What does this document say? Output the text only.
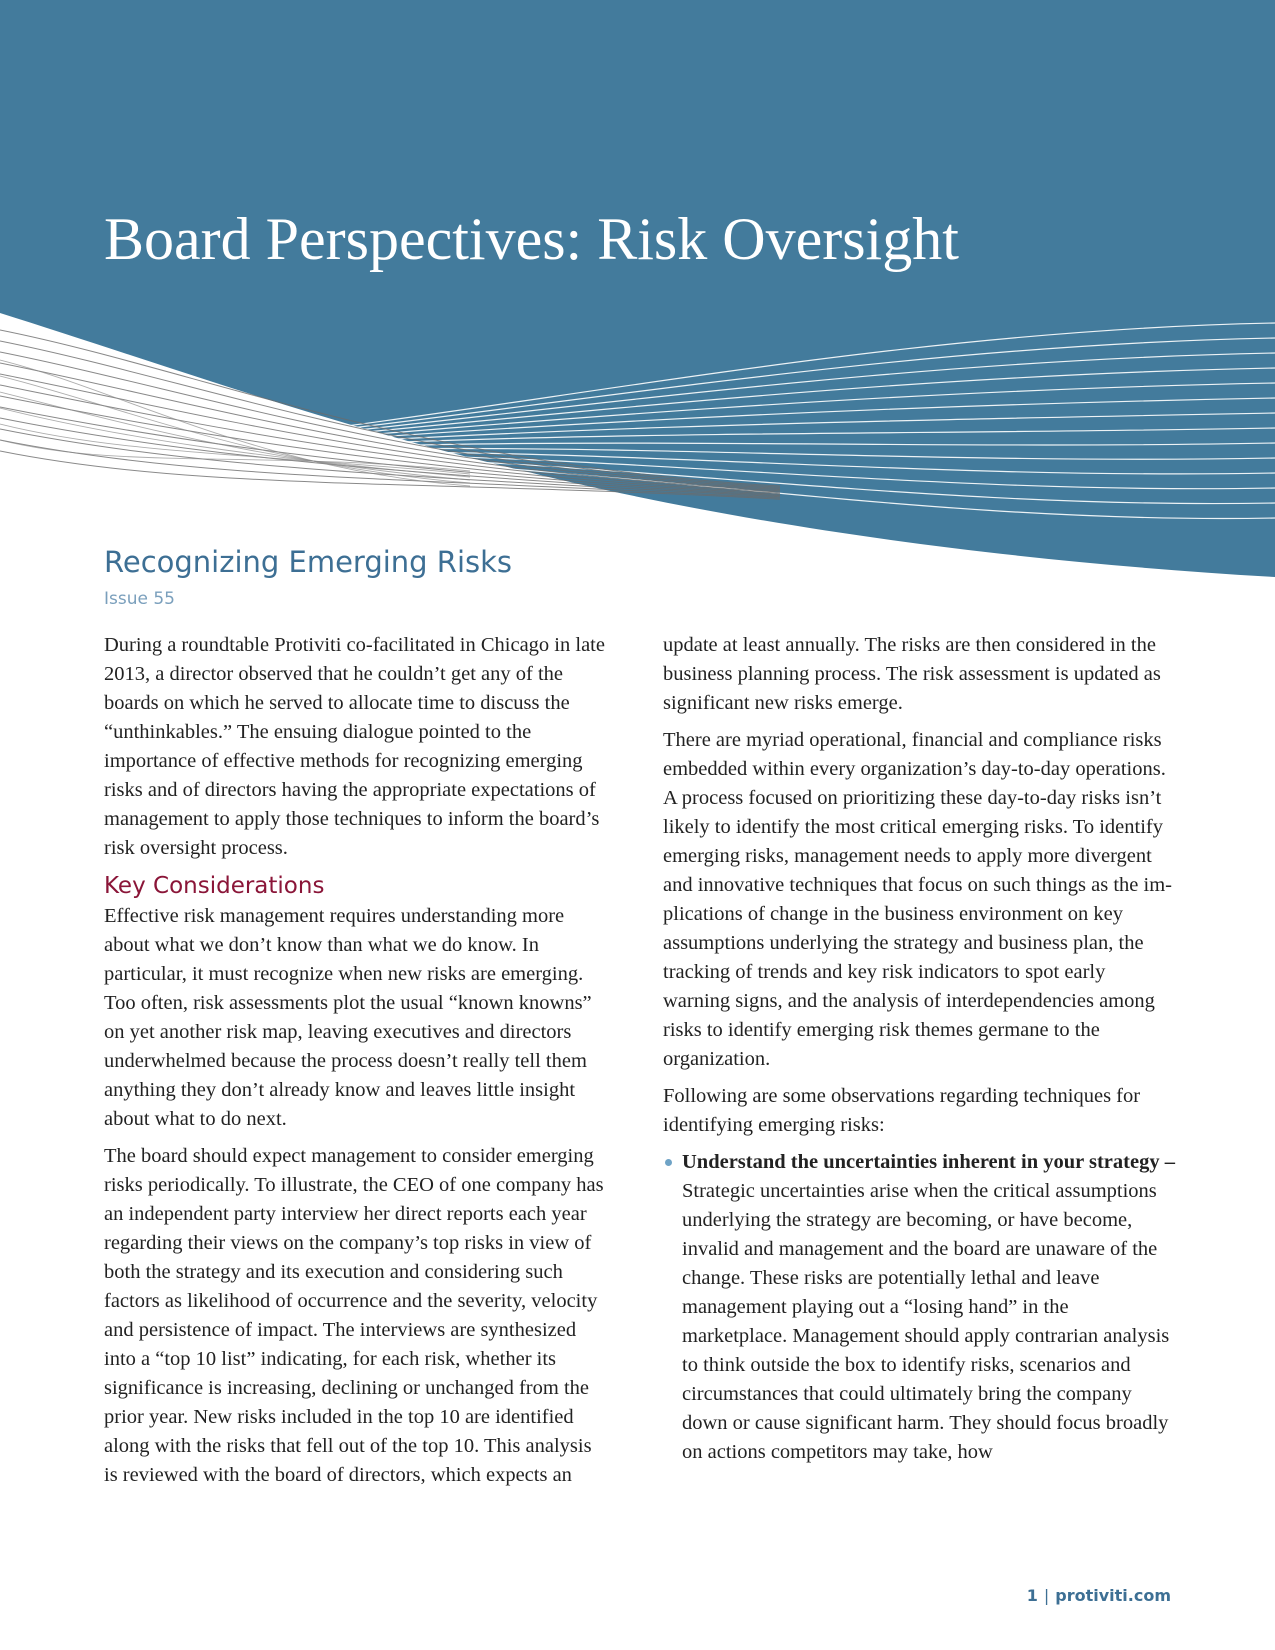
Board Perspectives: Risk Oversight
Recognizing Emerging Risks
Issue 55

During a roundtable Protiviti co-facilitated in Chicago in late 2013, a director observed that he couldn’t get any of the boards on which he served to allocate time to discuss the “unthinkables.” The ensuing dialogue pointed to the importance of effective methods for recognizing emerging risks and of directors having the appropriate expectations of management to apply those techniques to inform the board’s risk oversight process.

Key Considerations

Effective risk management requires understanding more about what we don’t know than what we do know. In particular, it must recognize when new risks are emerging. Too often, risk assessments plot the usual “known knowns” on yet another risk map, leaving executives and directors underwhelmed because the process doesn’t really tell them anything they don’t already know and leaves little insight about what to do next.

The board should expect management to consider emerging risks periodically. To illustrate, the CEO of one company has an independent party interview her direct reports each year regarding their views on the company’s top risks in view of both the strategy and its execution and considering such factors as likelihood of occurrence and the severity, velocity and persistence of impact. The interviews are synthesized into a “top 10 list” indicating, for each risk, whether its significance is increasing, declining or unchanged from the prior year. New risks included in the top 10 are identified along with the risks that fell out of the top 10. This analysis is reviewed with the board of directors, which expects an

update at least annually. The risks are then considered in the business planning process. The risk assessment is updated as significant new risks emerge.

There are myriad operational, financial and compliance risks embedded within every organization’s day-to-day operations. A process focused on prioritizing these day-to-day risks isn’t likely to identify the most critical emerging risks. To identify emerging risks, management needs to apply more divergent and innovative techniques that focus on such things as the implications of change in the business environment on key assumptions underlying the strategy and business plan, the tracking of trends and key risk indicators to spot early warning signs, and the analysis of interdependencies among risks to identify emerging risk themes germane to the organization.

Following are some observations regarding techniques for identifying emerging risks:

Understand the uncertainties inherent in your strategy – Strategic uncertainties arise when the critical assumptions underlying the strategy are becoming, or have become, invalid and management and the board are unaware of the change. These risks are potentially lethal and leave management playing out a “losing hand” in the marketplace. Management should apply contrarian analysis to think outside the box to identify risks, scenarios and circumstances that could ultimately bring the company down or cause significant harm. They should focus broadly on actions competitors may take, how
1 | protiviti.com
